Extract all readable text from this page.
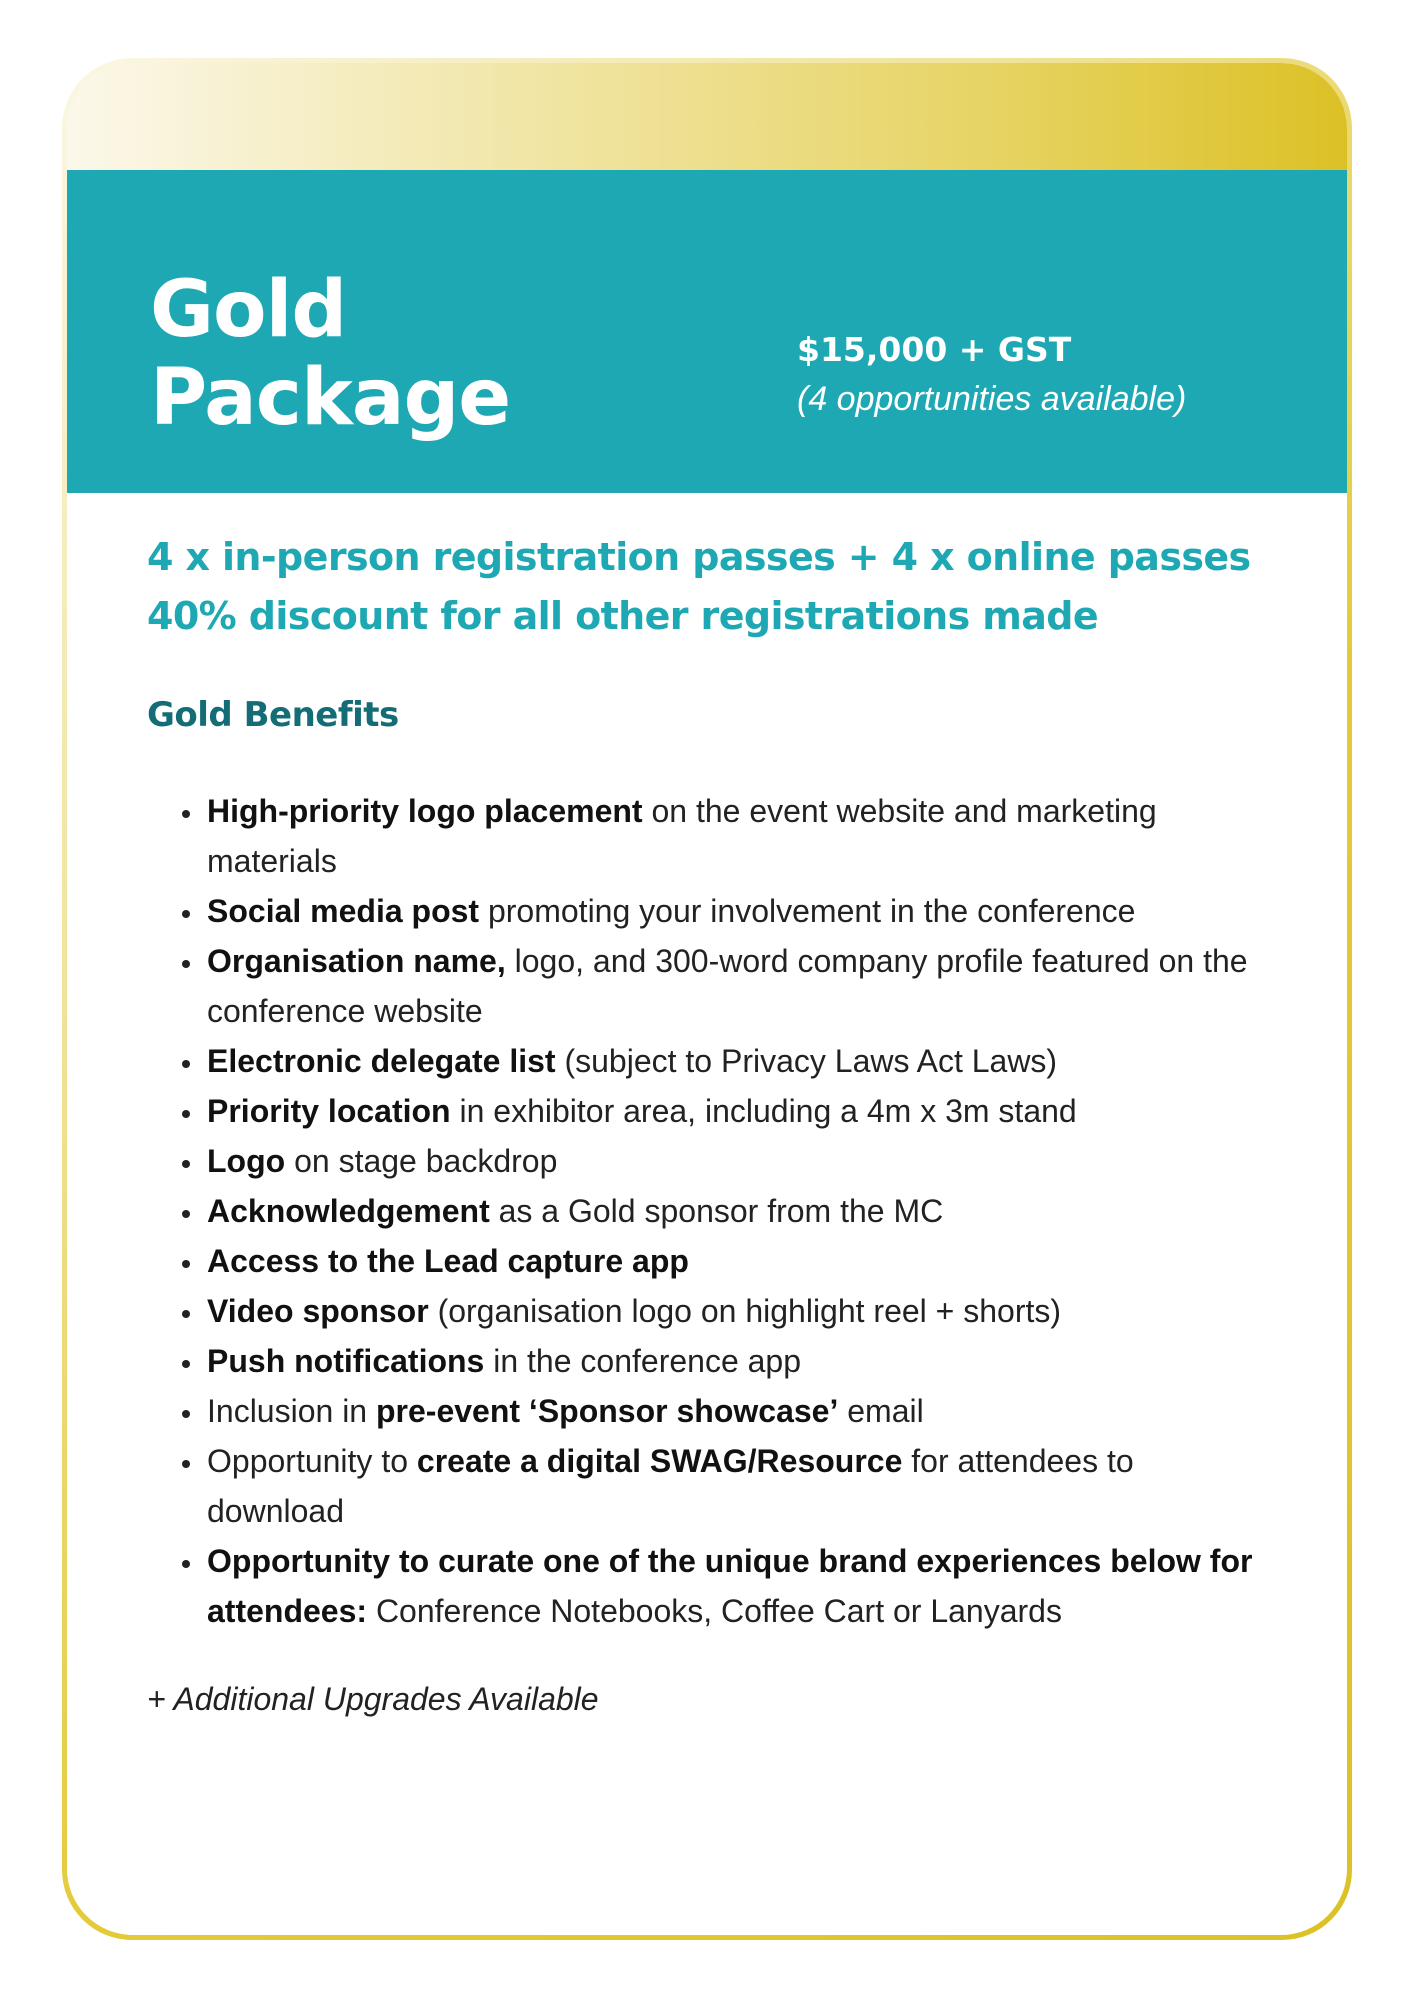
Gold
Package
$15,000 + GST
(4 opportunities available)

4 x in-person registration passes + 4 x online passes

40% discount for all other registrations made

Gold Benefits
• High-priority logo placement on the event website and marketing materials
• Social media post promoting your involvement in the conference
• Organisation name, logo, and 300-word company profile featured on the conference website
• Electronic delegate list (subject to Privacy Laws Act Laws)
• Priority location in exhibitor area, including a 4m x 3m stand
• Logo on stage backdrop
• Acknowledgement as a Gold sponsor from the MC
• Access to the Lead capture app
• Video sponsor (organisation logo on highlight reel + shorts)
• Push notifications in the conference app
• Inclusion in pre-event ‘Sponsor showcase’ email
• Opportunity to create a digital SWAG/Resource for attendees to download
• Opportunity to curate one of the unique brand experiences below for attendees: Conference Notebooks, Coffee Cart or Lanyards

+ Additional Upgrades Available
